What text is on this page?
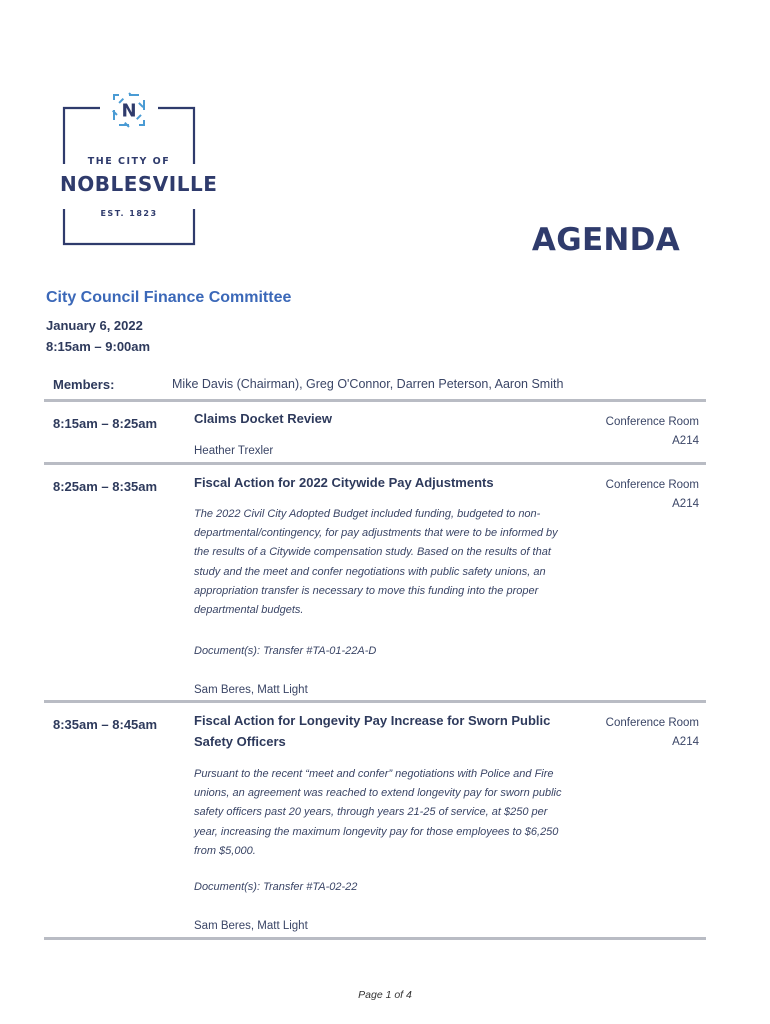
N
THE CITY OF
NOBLESVILLE
EST. 1823
AGENDA
City Council Finance Committee
January 6, 2022
8:15am – 9:00am
Members:	Mike Davis (Chairman), Greg O'Connor, Darren Peterson, Aaron Smith
8:15am – 8:25am	Claims Docket Review
Heather Trexler
Conference Room
A214
8:25am – 8:35am	Fiscal Action for 2022 Citywide Pay Adjustments
The 2022 Civil City Adopted Budget included funding, budgeted to non-departmental/contingency, for pay adjustments that were to be informed by the results of a Citywide compensation study. Based on the results of that study and the meet and confer negotiations with public safety unions, an appropriation transfer is necessary to move this funding into the proper departmental budgets.
Document(s): Transfer #TA-01-22A-D
Sam Beres, Matt Light
Conference Room
A214
8:35am – 8:45am	Fiscal Action for Longevity Pay Increase for Sworn Public Safety Officers
Pursuant to the recent “meet and confer” negotiations with Police and Fire unions, an agreement was reached to extend longevity pay for sworn public safety officers past 20 years, through years 21-25 of service, at $250 per year, increasing the maximum longevity pay for those employees to $6,250 from $5,000.
Document(s): Transfer #TA-02-22
Sam Beres, Matt Light
Conference Room
A214
Page 1 of 4
